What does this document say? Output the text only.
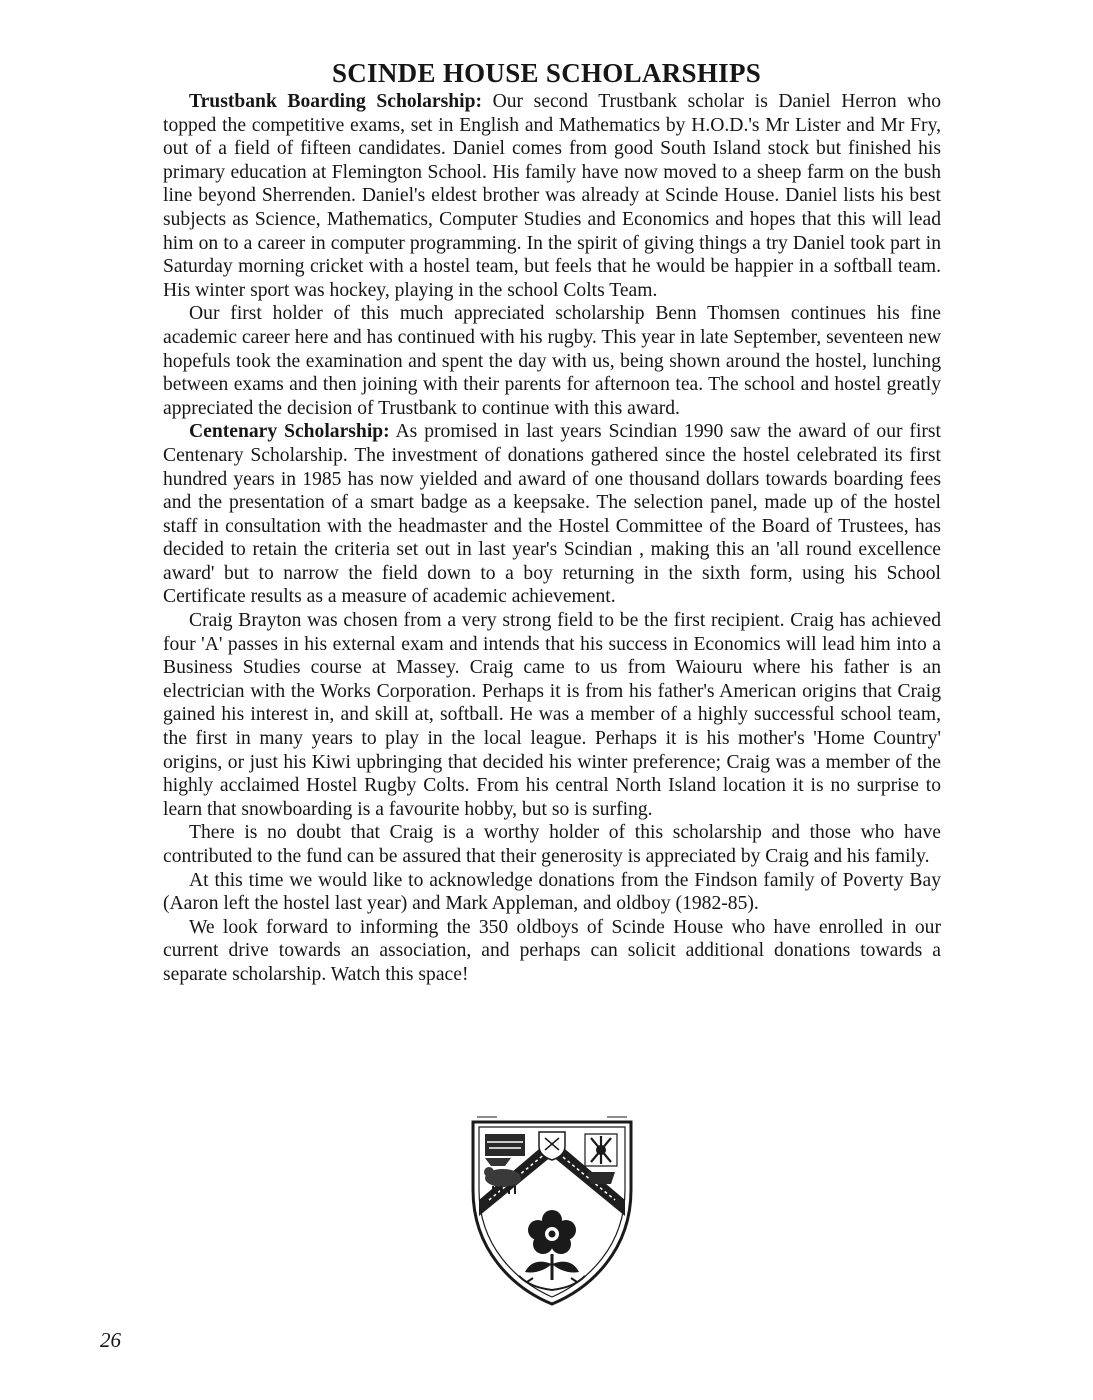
SCINDE HOUSE SCHOLARSHIPS

Trustbank Boarding Scholarship: Our second Trustbank scholar is Daniel Herron who topped the competitive exams, set in English and Mathematics by H.O.D.'s Mr Lister and Mr Fry, out of a field of fifteen candidates. Daniel comes from good South Island stock but finished his primary education at Flemington School. His family have now moved to a sheep farm on the bush line beyond Sherrenden. Daniel's eldest brother was already at Scinde House. Daniel lists his best subjects as Science, Mathematics, Computer Studies and Economics and hopes that this will lead him on to a career in computer programming. In the spirit of giving things a try Daniel took part in Saturday morning cricket with a hostel team, but feels that he would be happier in a softball team. His winter sport was hockey, playing in the school Colts Team.

Our first holder of this much appreciated scholarship Benn Thomsen continues his fine academic career here and has continued with his rugby. This year in late September, seventeen new hopefuls took the examination and spent the day with us, being shown around the hostel, lunching between exams and then joining with their parents for afternoon tea. The school and hostel greatly appreciated the decision of Trustbank to continue with this award.

Centenary Scholarship: As promised in last years Scindian 1990 saw the award of our first Centenary Scholarship. The investment of donations gathered since the hostel celebrated its first hundred years in 1985 has now yielded and award of one thousand dollars towards boarding fees and the presentation of a smart badge as a keepsake. The selection panel, made up of the hostel staff in consultation with the headmaster and the Hostel Committee of the Board of Trustees, has decided to retain the criteria set out in last year's Scindian , making this an 'all round excellence award' but to narrow the field down to a boy returning in the sixth form, using his School Certificate results as a measure of academic achievement.

Craig Brayton was chosen from a very strong field to be the first recipient. Craig has achieved four 'A' passes in his external exam and intends that his success in Economics will lead him into a Business Studies course at Massey. Craig came to us from Waiouru where his father is an electrician with the Works Corporation. Perhaps it is from his father's American origins that Craig gained his interest in, and skill at, softball. He was a member of a highly successful school team, the first in many years to play in the local league. Perhaps it is his mother's 'Home Country' origins, or just his Kiwi upbringing that decided his winter preference; Craig was a member of the highly acclaimed Hostel Rugby Colts. From his central North Island location it is no surprise to learn that snowboarding is a favourite hobby, but so is surfing.

There is no doubt that Craig is a worthy holder of this scholarship and those who have contributed to the fund can be assured that their generosity is appreciated by Craig and his family.

At this time we would like to acknowledge donations from the Findson family of Poverty Bay (Aaron left the hostel last year) and Mark Appleman, and oldboy (1982-85).

We look forward to informing the 350 oldboys of Scinde House who have enrolled in our current drive towards an association, and perhaps can solicit additional donations towards a separate scholarship. Watch this space!

26
